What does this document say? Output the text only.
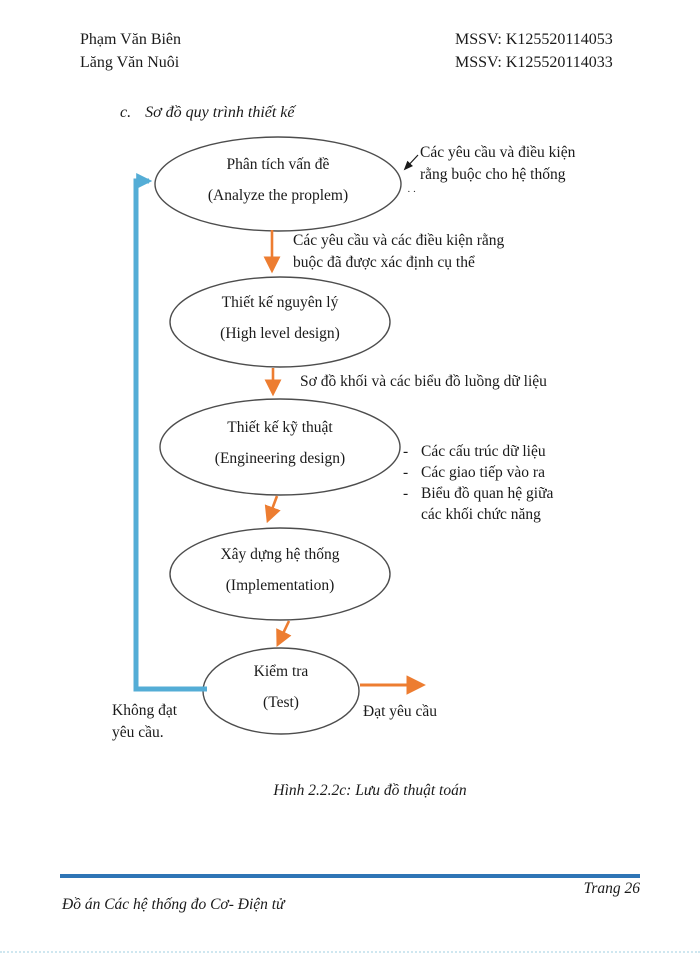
Phạm Văn Biên
Lăng Văn Nuôi
MSSV: K125520114053
MSSV: K125520114033
c. Sơ đồ quy trình thiết kế
Phân tích vấn đề
(Analyze the proplem)
Thiết kế nguyên lý
(High level design)
Thiết kế kỹ thuật
(Engineering design)
Xây dựng hệ thống
(Implementation)
Kiểm tra
(Test)
Các yêu cầu và điều kiện
rằng buộc cho hệ thống
··
Các yêu cầu và các điều kiện rằng
buộc đã được xác định cụ thể
Sơ đồ khối và các biểu đồ luồng dữ liệu
- Các cấu trúc dữ liệu
- Các giao tiếp vào ra
- Biểu đồ quan hệ giữa
các khối chức năng
Không đạt
yêu cầu.
Đạt yêu cầu
Hình 2.2.2c: Lưu đồ thuật toán
Trang 26
Đồ án Các hệ thống đo Cơ- Điện tử
